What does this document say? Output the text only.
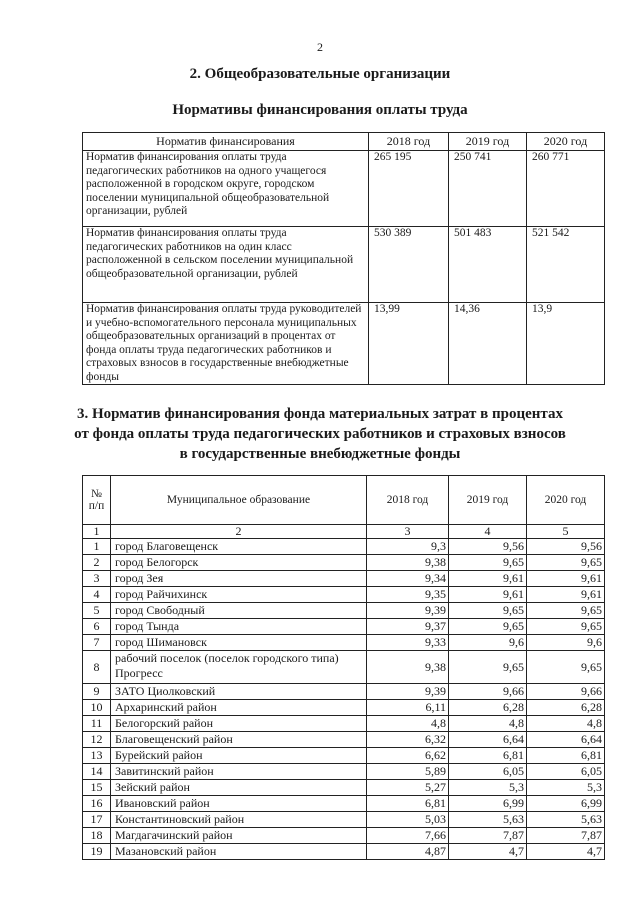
2
2. Общеобразовательные организации
Нормативы финансирования оплаты труда
Норматив финансирования	2018 год	2019 год	2020 год
Норматив финансирования оплаты труда педагогических работников на одного учащегося расположенной в городском округе, городском поселении муниципальной общеобразовательной организации, рублей	265 195	250 741	260 771
Норматив финансирования оплаты труда педагогических работников на один класс расположенной в сельском поселении муниципальной общеобразовательной организации, рублей	530 389	501 483	521 542
Норматив финансирования оплаты труда руководителей и учебно-вспомогательного персонала муниципальных общеобразовательных организаций в процентах от фонда оплаты труда педагогических работников и страховых взносов в государственные внебюджетные фонды	13,99	14,36	13,9
3. Норматив финансирования фонда материальных затрат в процентах
от фонда оплаты труда педагогических работников и страховых взносов
в государственные внебюджетные фонды
№ п/п	Муниципальное образование	2018 год	2019 год	2020 год
1	2	3	4	5
1	город Благовещенск	9,3	9,56	9,56
2	город Белогорск	9,38	9,65	9,65
3	город Зея	9,34	9,61	9,61
4	город Райчихинск	9,35	9,61	9,61
5	город Свободный	9,39	9,65	9,65
6	город Тында	9,37	9,65	9,65
7	город Шимановск	9,33	9,6	9,6
8	рабочий поселок (поселок городского типа) Прогресс	9,38	9,65	9,65
9	ЗАТО Циолковский	9,39	9,66	9,66
10	Архаринский район	6,11	6,28	6,28
11	Белогорский район	4,8	4,8	4,8
12	Благовещенский район	6,32	6,64	6,64
13	Бурейский район	6,62	6,81	6,81
14	Завитинский район	5,89	6,05	6,05
15	Зейский район	5,27	5,3	5,3
16	Ивановский район	6,81	6,99	6,99
17	Константиновский район	5,03	5,63	5,63
18	Магдагачинский район	7,66	7,87	7,87
19	Мазановский район	4,87	4,7	4,7
